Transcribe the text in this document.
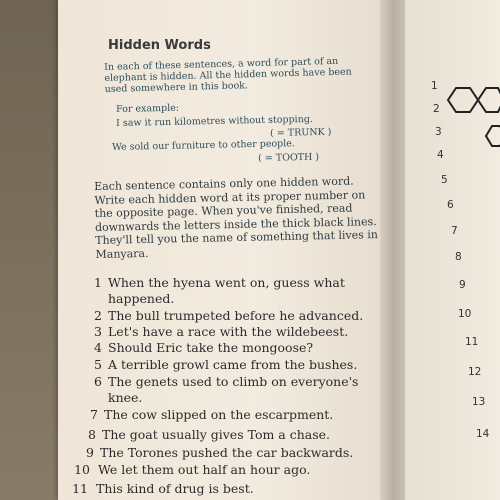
Hidden Words
In each of these sentences, a word for part of an elephant is hidden. All the hidden words have been used somewhere in this book.
For example:
I saw it run kilometres without stopping.
( = TRUNK )
We sold our furniture to other people.
( = TOOTH )
Each sentence contains only one hidden word. Write each hidden word at its proper number on the opposite page. When you've finished, read downwards the letters inside the thick black lines. They'll tell you the name of something that lives in Manyara.
1 When the hyena went on, guess what
happened.
2 The bull trumpeted before he advanced.
3 Let's have a race with the wildebeest.
4 Should Eric take the mongoose?
5 A terrible growl came from the bushes.
6 The genets used to climb on everyone's
knee.
7 The cow slipped on the escarpment.
8 The goat usually gives Tom a chase.
9 The Torones pushed the car backwards.
10 We let them out half an hour ago.
11 This kind of drug is best.
1
2
3
4
5
6
7
8
9
10
11
12
13
14
